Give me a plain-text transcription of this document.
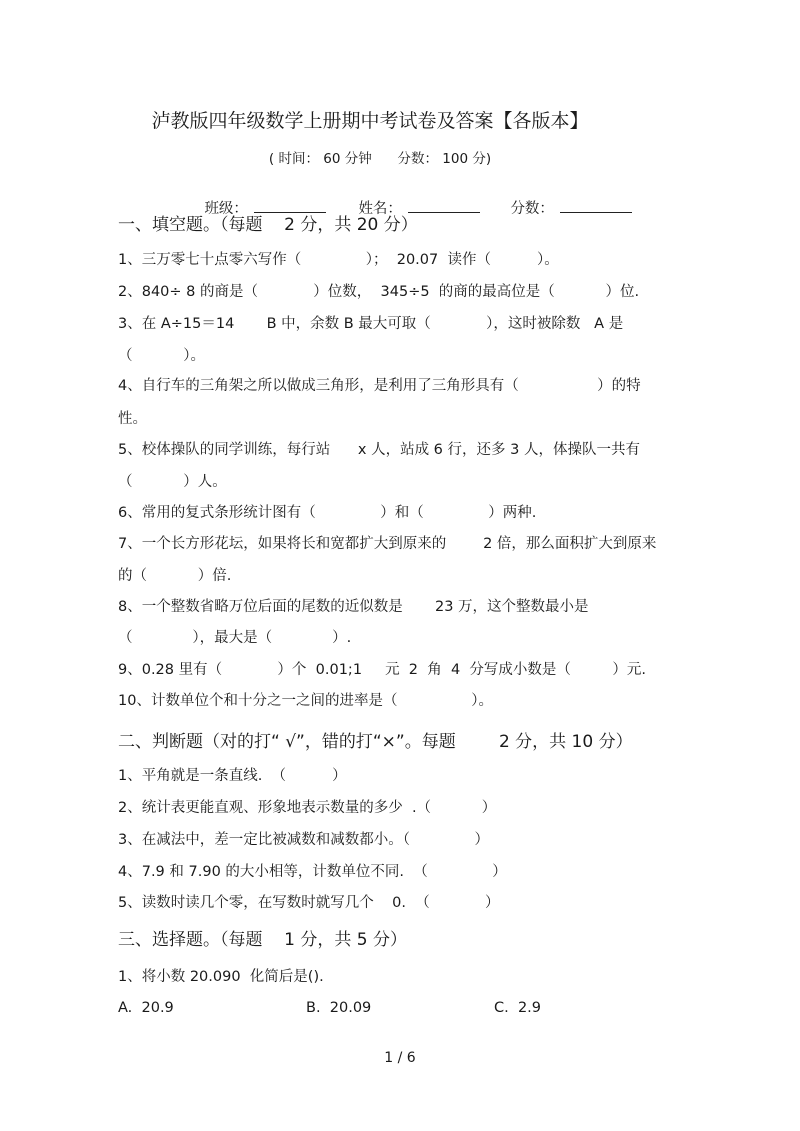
泸教版四年级数学上册期中考试卷及答案【各版本】
( 时间： 60 分钟      分数： 100 分)

班级：
	姓名：
	分数：

一、填空题。（每题    2 分，共 20 分）
1、三万零七十点零六写作（              ）；  20.07  读作（          ）。
2、840÷ 8 的商是（            ）位数，  345÷5  的商的最高位是（           ）位.
3、在 A÷15＝14       B 中，余数 B 最大可取（            ），这时被除数   A 是
（           ）。
4、自行车的三角架之所以做成三角形，是利用了三角形具有（                 ）的特
性。
5、校体操队的同学训练，每行站      x 人，站成 6 行，还多 3 人，体操队一共有
（           ）人。
6、常用的复式条形统计图有（              ）和（              ）两种.
7、一个长方形花坛，如果将长和宽都扩大到原来的        2 倍，那么面积扩大到原来
的（           ）倍.
8、一个整数省略万位后面的尾数的近似数是       23 万，这个整数最小是
（             ），最大是（             ）.
9、0.28 里有（            ）个  0.01;1     元  2  角  4  分写成小数是（         ）元.
10、计数单位个和十分之一之间的进率是（                ）。
二、判断题（对的打“ √”，错的打“×”。每题        2 分，共 10 分）
1、平角就是一条直线.  （          ）
2、统计表更能直观、形象地表示数量的多少  .（           ）
3、在减法中，差一定比被减数和减数都小。（              ）
4、7.9 和 7.90 的大小相等，计数单位不同.  （              ）
5、读数时读几个零，在写数时就写几个    0.  （            ）
三、选择题。（每题    1 分，共 5 分）
1、将小数 20.090  化简后是().
A.  20.9	B.  20.09	C.  2.9
1 / 6
